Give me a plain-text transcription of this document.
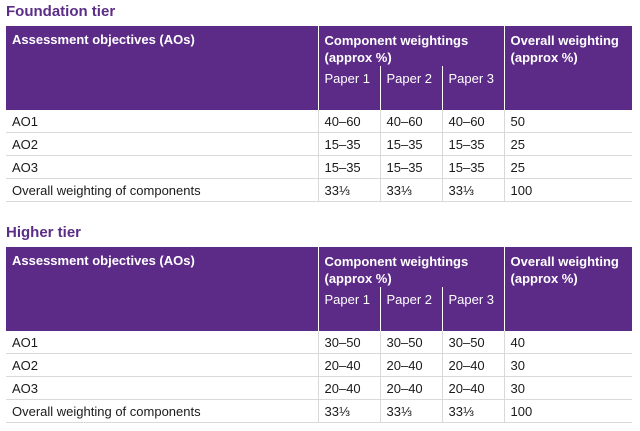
Foundation tier
Assessment objectives (AOs)	Component weightings (approx %)			Overall weighting (approx %)
	Paper 1	Paper 2	Paper 3	
AO1	40–60	40–60	40–60	50
AO2	15–35	15–35	15–35	25
AO3	15–35	15–35	15–35	25
Overall weighting of components	33⅓	33⅓	33⅓	100
Higher tier
Assessment objectives (AOs)	Component weightings (approx %)			Overall weighting (approx %)
	Paper 1	Paper 2	Paper 3	
AO1	30–50	30–50	30–50	40
AO2	20–40	20–40	20–40	30
AO3	20–40	20–40	20–40	30
Overall weighting of components	33⅓	33⅓	33⅓	100
